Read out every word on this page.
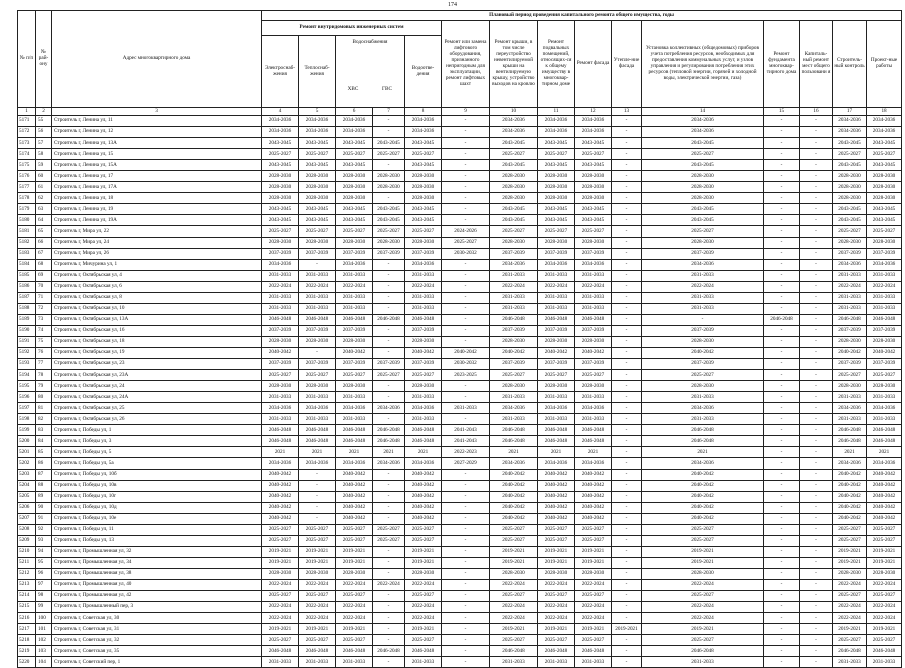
174
№ п/п	№ рай-ону	Адрес многоквартирного дома	Плановый период проведения капитального ремонта общего имущества, годы														
			Ремонт внутридомовых инженерных систем					Ремонт или замена лифтового оборудования, признанного непригодным для эксплуатации, ремонт лифтовых шахт	Ремонт крыши, в том числе переустройство невентилируемой крыши на вентилируемую крышу, устройство выходов на кровлю	Ремонт подвальных помещений, относящих-ся к общему имуществу в многоквар-тирном доме	Ремонт фасада	Утепле-ние фасада	Установка коллективных (общедомовых) приборов учета потребления ресурсов, необходимых для предоставления коммунальных услуг, и узлов управления и регулирования потребления этих ресурсов (тепловой энергии, горячей и холодной воды, электрической энергии, газа)	Ремонт фундамента многоквар-тирного дома	Капиталь-ный ремонт мест общего пользовани я	Строитель-ный контроль	Проект-ные работы
			Электроснаб-жения	Теплоснаб-жения	Водоснабжения
ХВС ГВС		Водоотве-дения										
1	2	3	4	5	6	7	8	9	10	11	12	13	14	15	16	17	18
5171	55	Строитель г, Ленина ул, 11	2034-2036	2034-2036	2034-2036	-	2034-2036	-	2034-2036	2034-2036	2034-2036	-	2034-2036	-	-	2034-2036	2034-2036
5172	56	Строитель г, Ленина ул, 12	2034-2036	2034-2036	2034-2036	-	2034-2036	-	2034-2036	2034-2036	2034-2036	-	2034-2036	-	-	2034-2036	2034-2036
5173	57	Строитель г, Ленина ул, 13А	2043-2045	2043-2045	2043-2045	2043-2045	2043-2045	-	2043-2045	2043-2045	2043-2045	-	2043-2045	-	-	2043-2045	2043-2045
5174	58	Строитель г, Ленина ул, 15	2025-2027	2025-2027	2025-2027	2025-2027	2025-2027	-	2025-2027	2025-2027	2025-2027	-	2025-2027	-	-	2025-2027	2025-2027
5175	59	Строитель г, Ленина ул, 15А	2043-2045	2043-2045	2043-2045	-	2043-2045	-	2043-2045	2043-2045	2043-2045	-	2043-2045	-	-	2043-2045	2043-2045
5176	60	Строитель г, Ленина ул, 17	2028-2030	2028-2030	2028-2030	2028-2030	2028-2030	-	2028-2030	2028-2030	2028-2030	-	2028-2030	-	-	2028-2030	2028-2030
5177	61	Строитель г, Ленина ул, 17А	2028-2030	2028-2030	2028-2030	2028-2030	2028-2030	-	2028-2030	2028-2030	2028-2030	-	2028-2030	-	-	2028-2030	2028-2030
5178	62	Строитель г, Ленина ул, 18	2028-2030	2028-2030	2028-2030	-	2028-2030	-	2028-2030	2028-2030	2028-2030	-	2028-2030	-	-	2028-2030	2028-2030
5179	63	Строитель г, Ленина ул, 19	2043-2045	2043-2045	2043-2045	2043-2045	2043-2045	-	2043-2045	2043-2045	2043-2045	-	2043-2045	-	-	2043-2045	2043-2045
5180	64	Строитель г, Ленина ул, 19А	2043-2045	2043-2045	2043-2045	2043-2045	2043-2045	-	2043-2045	2043-2045	2043-2045	-	2043-2045	-	-	2043-2045	2043-2045
5181	65	Строитель г, Мира ул, 22	2025-2027	2025-2027	2025-2027	2025-2027	2025-2027	2024-2026	2025-2027	2025-2027	2025-2027	-	2025-2027	-	-	2025-2027	2025-2027
5182	66	Строитель г, Мира ул, 24	2028-2030	2028-2030	2028-2030	2028-2030	2028-2030	2025-2027	2028-2030	2028-2030	2028-2030	-	2028-2030	-	-	2028-2030	2028-2030
5183	67	Строитель г, Мира ул, 26	2037-2039	2037-2039	2037-2039	2037-2039	2037-2039	2030-2032	2037-2039	2037-2039	2037-2039	-	2037-2039	-	-	2037-2039	2037-2039
5184	68	Строитель г, Мичурина ул, 1	2034-2036	-	2034-2036	-	2034-2036	-	2034-2036	2034-2036	2034-2036	-	2034-2036	-	-	2034-2036	2034-2036
5185	69	Строитель г, Октябрьская ул, 4	2031-2033	2031-2033	2031-2033	-	2031-2033	-	2031-2033	2031-2033	2031-2033	-	2031-2033	-	-	2031-2033	2031-2033
5186	70	Строитель г, Октябрьская ул, 6	2022-2024	2022-2024	2022-2024	-	2022-2024	-	2022-2024	2022-2024	2022-2024	-	2022-2024	-	-	2022-2024	2022-2024
5187	71	Строитель г, Октябрьская ул, 8	2031-2033	2031-2033	2031-2033	-	2031-2033	-	2031-2033	2031-2033	2031-2033	-	2031-2033	-	-	2031-2033	2031-2033
5188	72	Строитель г, Октябрьская ул, 10	2031-2033	2031-2033	2031-2033	-	2031-2033	-	2031-2033	2031-2033	2031-2033	-	2031-2033	-	-	2031-2033	2031-2033
5189	73	Строитель г, Октябрьская ул, 13А	2046-2048	2046-2048	2046-2048	2046-2048	2046-2048	-	2046-2048	2046-2048	2046-2048	-	-	2046-2048	-	2046-2048	2046-2048
5190	74	Строитель г, Октябрьская ул, 16	2037-2039	2037-2039	2037-2039	-	2037-2039	-	2037-2039	2037-2039	2037-2039	-	2037-2039	-	-	2037-2039	2037-2039
5191	75	Строитель г, Октябрьская ул, 18	2028-2030	2028-2030	2028-2030	-	2028-2030	-	2028-2030	2028-2030	2028-2030	-	2028-2030	-	-	2028-2030	2028-2030
5192	76	Строитель г, Октябрьская ул, 19	2040-2042	-	2040-2042	-	2040-2042	2040-2042	2040-2042	2040-2042	2040-2042	-	2040-2042	-	-	2040-2042	2040-2042
5193	77	Строитель г, Октябрьская ул, 23	2037-2039	2037-2039	2037-2039	2037-2039	2037-2039	2030-2032	2037-2039	2037-2039	2037-2039	-	2037-2039	-	-	2037-2039	2037-2039
5194	78	Строитель г, Октябрьская ул, 23А	2025-2027	2025-2027	2025-2027	2025-2027	2025-2027	2023-2025	2025-2027	2025-2027	2025-2027	-	2025-2027	-	-	2025-2027	2025-2027
5195	79	Строитель г, Октябрьская ул, 24	2028-2030	2028-2030	2028-2030	-	2028-2030	-	2028-2030	2028-2030	2028-2030	-	2028-2030	-	-	2028-2030	2028-2030
5196	80	Строитель г, Октябрьская ул, 24А	2031-2033	2031-2033	2031-2033	-	2031-2033	-	2031-2033	2031-2033	2031-2033	-	2031-2033	-	-	2031-2033	2031-2033
5197	81	Строитель г, Октябрьская ул, 25	2034-2036	2034-2036	2034-2036	2034-2036	2034-2036	2031-2033	2034-2036	2034-2036	2034-2036	-	2034-2036	-	-	2034-2036	2034-2036
5198	82	Строитель г, Октябрьская ул, 26	2031-2033	2031-2033	2031-2033	-	2031-2033	-	2031-2033	2031-2033	2031-2033	-	2031-2033	-	-	2031-2033	2031-2033
5199	83	Строитель г, Победы ул, 1	2046-2048	2046-2048	2046-2048	2046-2048	2046-2048	2041-2043	2046-2048	2046-2048	2046-2048	-	2046-2048	-	-	2046-2048	2046-2048
5200	84	Строитель г, Победы ул, 3	2046-2048	2046-2048	2046-2048	2046-2048	2046-2048	2041-2043	2046-2048	2046-2048	2046-2048	-	2046-2048	-	-	2046-2048	2046-2048
5201	85	Строитель г, Победы ул, 5	2021	2021	2021	2021	2021	2022-2023	2021	2021	2021	-	2021	-	-	2021	2021
5202	86	Строитель г, Победы ул, 5а	2034-2036	2034-2036	2034-2036	2034-2036	2034-2036	2027-2029	2034-2036	2034-2036	2034-2036	-	2034-2036	-	-	2034-2036	2034-2036
5203	87	Строитель г, Победы ул, 10б	2040-2042	-	2040-2042	-	2040-2042	-	2040-2042	2040-2042	2040-2042	-	2040-2042	-	-	2040-2042	2040-2042
5204	88	Строитель г, Победы ул, 10в	2040-2042	-	2040-2042	-	2040-2042	-	2040-2042	2040-2042	2040-2042	-	2040-2042	-	-	2040-2042	2040-2042
5205	89	Строитель г, Победы ул, 10г	2040-2042	-	2040-2042	-	2040-2042	-	2040-2042	2040-2042	2040-2042	-	2040-2042	-	-	2040-2042	2040-2042
5206	90	Строитель г, Победы ул, 10д	2040-2042	-	2040-2042	-	2040-2042	-	2040-2042	2040-2042	2040-2042	-	2040-2042	-	-	2040-2042	2040-2042
5207	91	Строитель г, Победы ул, 10е	2040-2042	-	2040-2042	-	2040-2042	-	2040-2042	2040-2042	2040-2042	-	2040-2042	-	-	2040-2042	2040-2042
5208	92	Строитель г, Победы ул, 11	2025-2027	2025-2027	2025-2027	2025-2027	2025-2027	-	2025-2027	2025-2027	2025-2027	-	2025-2027	-	-	2025-2027	2025-2027
5209	93	Строитель г, Победы ул, 13	2025-2027	2025-2027	2025-2027	2025-2027	2025-2027	-	2025-2027	2025-2027	2025-2027	-	2025-2027	-	-	2025-2027	2025-2027
5210	94	Строитель г, Промышленная ул, 32	2019-2021	2019-2021	2019-2021	-	2019-2021	-	2019-2021	2019-2021	2019-2021	-	2019-2021	-	-	2019-2021	2019-2021
5211	95	Строитель г, Промышленная ул, 34	2019-2021	2019-2021	2019-2021	-	2019-2021	-	2019-2021	2019-2021	2019-2021	-	2019-2021	-	-	2019-2021	2019-2021
5212	96	Строитель г, Промышленная ул, 38	2028-2030	2028-2030	2028-2030	-	2028-2030	-	2028-2030	2028-2030	2028-2030	-	2028-2030	-	-	2028-2030	2028-2030
5213	97	Строитель г, Промышленная ул, 40	2022-2024	2022-2024	2022-2024	2022-2024	2022-2024	-	2022-2024	2022-2024	2022-2024	-	2022-2024	-	-	2022-2024	2022-2024
5214	98	Строитель г, Промышленная ул, 42	2025-2027	2025-2027	2025-2027	-	2025-2027	-	2025-2027	2025-2027	2025-2027	-	2025-2027	-	-	2025-2027	2025-2027
5215	99	Строитель г, Промышленный пер, 3	2022-2024	2022-2024	2022-2024	-	2022-2024	-	2022-2024	2022-2024	2022-2024	-	2022-2024	-	-	2022-2024	2022-2024
5216	100	Строитель г, Советская ул, 30	2022-2024	2022-2024	2022-2024	-	2022-2024	-	2022-2024	2022-2024	2022-2024	-	2022-2024	-	-	2022-2024	2022-2024
5217	101	Строитель г, Советская ул, 31	2019-2021	2019-2021	2019-2021	-	2019-2021	-	2019-2021	2019-2021	2019-2021	2019-2021	2019-2021	-	-	2019-2021	2019-2021
5218	102	Строитель г, Советская ул, 32	2025-2027	2025-2027	2025-2027	-	2025-2027	-	2025-2027	2025-2027	2025-2027	-	2025-2027	-	-	2025-2027	2025-2027
5219	103	Строитель г, Советская ул, 35	2046-2048	2046-2048	2046-2048	2046-2048	2046-2048	-	2046-2048	2046-2048	2046-2048	-	2046-2048	-	-	2046-2048	2046-2048
5220	104	Строитель г, Советский пер, 1	2031-2033	2031-2033	2031-2033	-	2031-2033	-	2031-2033	2031-2033	2031-2033	-	2031-2033	-	-	2031-2033	2031-2033
